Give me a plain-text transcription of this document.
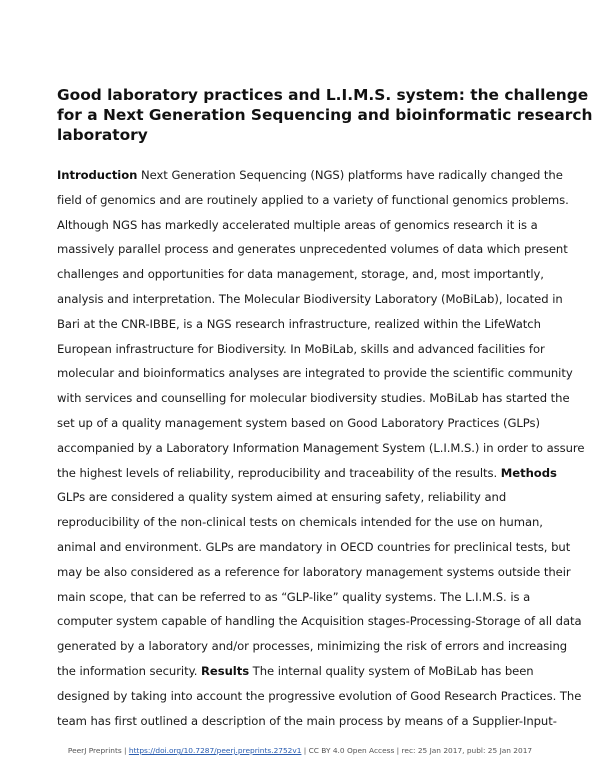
Good laboratory practices and L.I.M.S. system: the challenge
for a Next Generation Sequencing and bioinformatic research
laboratory
Introduction Next Generation Sequencing (NGS) platforms have radically changed the
field of genomics and are routinely applied to a variety of functional genomics problems.
Although NGS has markedly accelerated multiple areas of genomics research it is a
massively parallel process and generates unprecedented volumes of data which present
challenges and opportunities for data management, storage, and, most importantly,
analysis and interpretation. The Molecular Biodiversity Laboratory (MoBiLab), located in
Bari at the CNR-IBBE, is a NGS research infrastructure, realized within the LifeWatch
European infrastructure for Biodiversity. In MoBiLab, skills and advanced facilities for
molecular and bioinformatics analyses are integrated to provide the scientific community
with services and counselling for molecular biodiversity studies. MoBiLab has started the
set up of a quality management system based on Good Laboratory Practices (GLPs)
accompanied by a Laboratory Information Management System (L.I.M.S.) in order to assure
the highest levels of reliability, reproducibility and traceability of the results. Methods
GLPs are considered a quality system aimed at ensuring safety, reliability and
reproducibility of the non-clinical tests on chemicals intended for the use on human,
animal and environment. GLPs are mandatory in OECD countries for preclinical tests, but
may be also considered as a reference for laboratory management systems outside their
main scope, that can be referred to as “GLP-like” quality systems. The L.I.M.S. is a
computer system capable of handling the Acquisition stages-Processing-Storage of all data
generated by a laboratory and/or processes, minimizing the risk of errors and increasing
the information security. Results The internal quality system of MoBiLab has been
designed by taking into account the progressive evolution of Good Research Practices. The
team has first outlined a description of the main process by means of a Supplier-Input-
PeerJ Preprints | https://doi.org/10.7287/peerj.preprints.2752v1 | CC BY 4.0 Open Access | rec: 25 Jan 2017, publ: 25 Jan 2017
